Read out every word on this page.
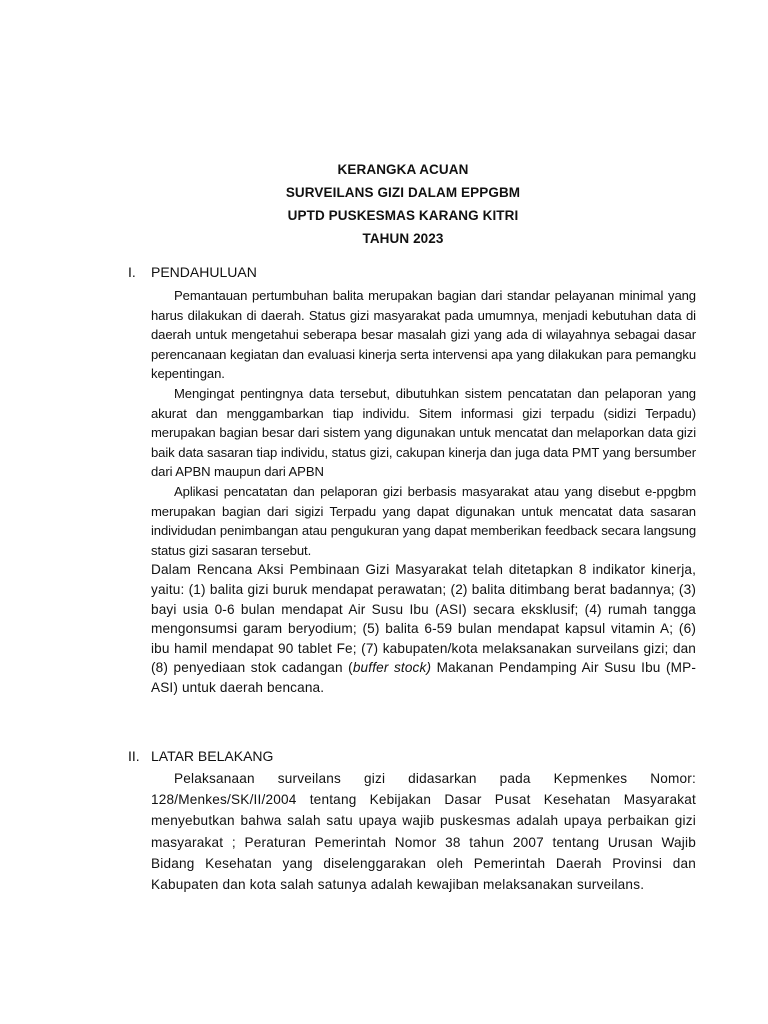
KERANGKA ACUAN
SURVEILANS GIZI DALAM EPPGBM
UPTD PUSKESMAS KARANG KITRI
TAHUN 2023
I.	PENDAHULUAN

Pemantauan pertumbuhan balita merupakan bagian dari standar pelayanan minimal yang harus dilakukan di daerah. Status gizi masyarakat pada umumnya, menjadi kebutuhan data di daerah untuk mengetahui seberapa besar masalah gizi yang ada di wilayahnya sebagai dasar perencanaan kegiatan dan evaluasi kinerja serta intervensi apa yang dilakukan para pemangku kepentingan.

Mengingat pentingnya data tersebut, dibutuhkan sistem pencatatan dan pelaporan yang akurat dan menggambarkan tiap individu. Sitem informasi gizi terpadu (sidizi Terpadu) merupakan bagian besar dari sistem yang digunakan untuk mencatat dan melaporkan data gizi baik data sasaran tiap individu, status gizi, cakupan kinerja dan juga data PMT yang bersumber dari APBN maupun dari APBN

Aplikasi pencatatan dan pelaporan gizi berbasis masyarakat atau yang disebut e-ppgbm merupakan bagian dari sigizi Terpadu yang dapat digunakan untuk mencatat data sasaran individudan penimbangan atau pengukuran yang dapat memberikan feedback secara langsung status gizi sasaran tersebut.

Dalam Rencana Aksi Pembinaan Gizi Masyarakat telah ditetapkan 8 indikator kinerja, yaitu: (1) balita gizi buruk mendapat perawatan; (2) balita ditimbang berat badannya; (3) bayi usia 0-6 bulan mendapat Air Susu Ibu (ASI) secara eksklusif; (4) rumah tangga mengonsumsi garam beryodium; (5) balita 6-59 bulan mendapat kapsul vitamin A; (6) ibu hamil mendapat 90 tablet Fe; (7) kabupaten/kota melaksanakan surveilans gizi; dan (8) penyediaan stok cadangan (buffer stock) Makanan Pendamping Air Susu Ibu (MP-ASI) untuk daerah bencana.

II. LATAR BELAKANG

Pelaksanaan surveilans gizi didasarkan pada Kepmenkes Nomor: 128/Menkes/SK/II/2004 tentang Kebijakan Dasar Pusat Kesehatan Masyarakat menyebutkan bahwa salah satu upaya wajib puskesmas adalah upaya perbaikan gizi masyarakat ; Peraturan Pemerintah Nomor 38 tahun 2007 tentang Urusan Wajib Bidang Kesehatan yang diselenggarakan oleh Pemerintah Daerah Provinsi dan Kabupaten dan kota salah satunya adalah kewajiban melaksanakan surveilans.
